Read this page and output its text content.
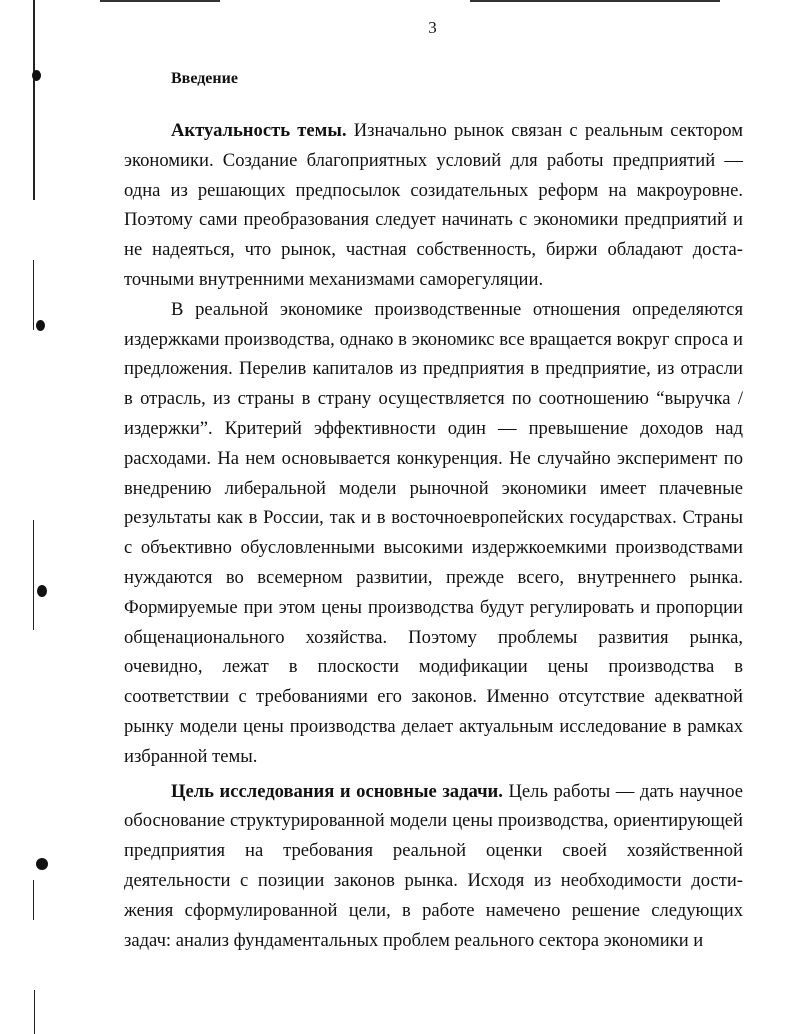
3
Введение

Актуальность темы. Изначально рынок связан с реальным сектором экономики. Создание благоприятных условий для работы предприятий — одна из решающих предпосылок созидательных реформ на макроуровне. Поэтому сами преобразования следует начинать с экономики предприятий и не надеяться, что рынок, частная собственность, биржи обладают достаточными внутренними механизмами саморегуляции.

В реальной экономике производственные отношения определяются издержками производства, однако в экономикс все вращается вокруг спроса и предложения. Перелив капиталов из предприятия в предприятие, из отрасли в отрасль, из страны в страну осуществляется по соотношению “выручка / издержки”. Критерий эффективности один — превышение доходов над расходами. На нем основывается конкуренция. Не случайно эксперимент по внедрению либеральной модели рыночной экономики имеет плачевные результаты как в России, так и в восточноевропейских государствах. Страны с объективно обусловленными высокими издержкоемкими производствами нуждаются во всемерном развитии, прежде всего, внутреннего рынка. Формируемые при этом цены производства будут регулировать и пропорции общенационального хозяйства. Поэтому проблемы развития рынка, очевидно, лежат в плоскости модификации цены производства в соответствии с требованиями его законов. Именно отсутствие адекватной рынку модели цены производства делает актуальным исследование в рамках избранной темы.

Цель исследования и основные задачи. Цель работы — дать научное обоснование структурированной модели цены производства, ориентирующей предприятия на требования реальной оценки своей хозяйственной деятельности с позиции законов рынка. Исходя из необходимости достижения сформулированной цели, в работе намечено решение следующих задач: анализ фундаментальных проблем реального сектора экономики и
